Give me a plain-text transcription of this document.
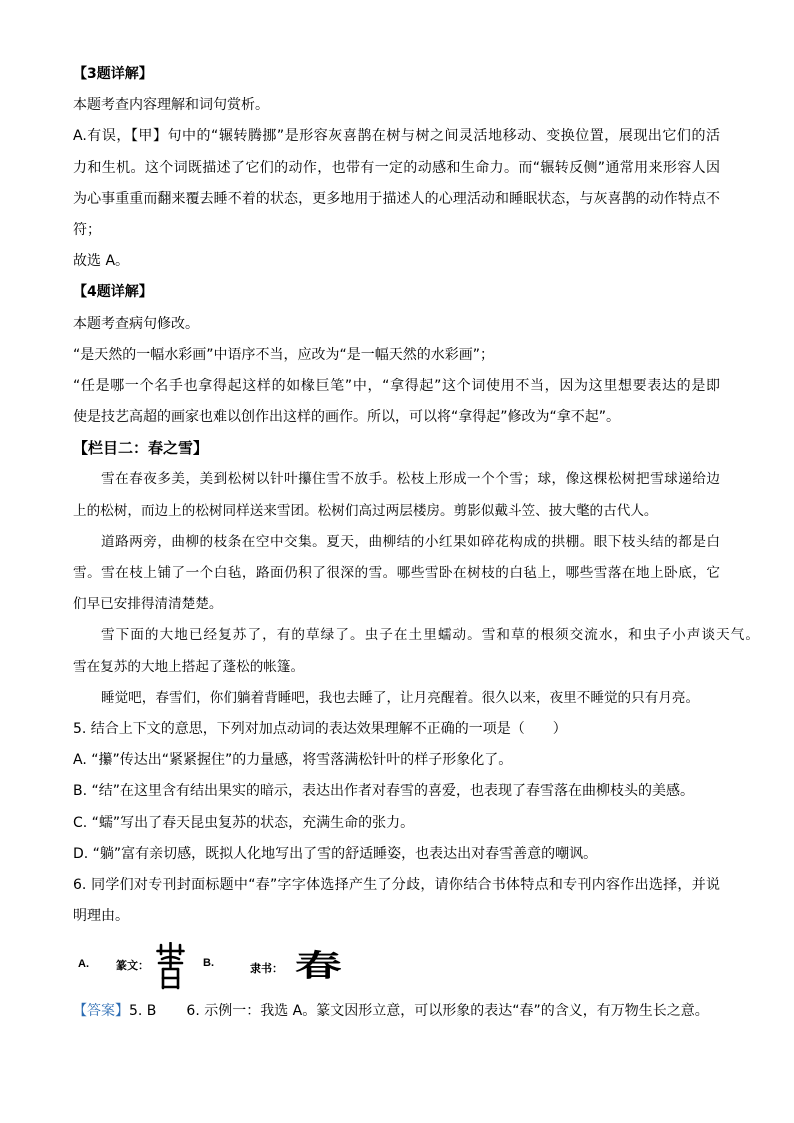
【3题详解】
本题考查内容理解和词句赏析。
A.有误，【甲】句中的“辗转腾挪”是形容灰喜鹊在树与树之间灵活地移动、变换位置，展现出它们的活
力和生机。这个词既描述了它们的动作，也带有一定的动感和生命力。而“辗转反侧”通常用来形容人因
为心事重重而翻来覆去睡不着的状态，更多地用于描述人的心理活动和睡眠状态，与灰喜鹊的动作特点不
符；
故选 A。
【4题详解】
本题考查病句修改。
“是天然的一幅水彩画”中语序不当，应改为“是一幅天然的水彩画”；
“任是哪一个名手也拿得起这样的如椽巨笔”中，“拿得起”这个词使用不当，因为这里想要表达的是即
使是技艺高超的画家也难以创作出这样的画作。所以，可以将“拿得起”修改为“拿不起”。
【栏目二：春之雪】
雪在春夜多美，美到松树以针叶攥住雪不放手。松枝上形成一个个雪；球，像这棵松树把雪球递给边
上的松树，而边上的松树同样送来雪团。松树们高过两层楼房。剪影似戴斗笠、披大氅的古代人。
道路两旁，曲柳的枝条在空中交集。夏天，曲柳结的小红果如碎花构成的拱棚。眼下枝头结的都是白
雪。雪在枝上铺了一个白毡，路面仍积了很深的雪。哪些雪卧在树枝的白毡上，哪些雪落在地上卧底，它
们早已安排得清清楚楚。
雪下面的大地已经复苏了，有的草绿了。虫子在土里蠕动。雪和草的根须交流水，和虫子小声谈天气。
雪在复苏的大地上搭起了蓬松的帐篷。
睡觉吧，春雪们，你们躺着背睡吧，我也去睡了，让月亮醒着。很久以来，夜里不睡觉的只有月亮。
5. 结合上下文的意思，下列对加点动词的表达效果理解不正确的一项是（　　）
A. “攥”传达出“紧紧握住”的力量感，将雪落满松针叶的样子形象化了。
B. “结”在这里含有结出果实的暗示，表达出作者对春雪的喜爱，也表现了春雪落在曲柳枝头的美感。
C. “蠕”写出了春天昆虫复苏的状态，充满生命的张力。
D. “躺”富有亲切感，既拟人化地写出了雪的舒适睡姿，也表达出对春雪善意的嘲讽。
6. 同学们对专刊封面标题中“春”字字体选择产生了分歧，请你结合书体特点和专刊内容作出选择，并说
明理由。
A. 篆文：	B.	隶书： 春
【答案】5. B 6. 示例一：我选 A。篆文因形立意，可以形象的表达“春”的含义，有万物生长之意。
